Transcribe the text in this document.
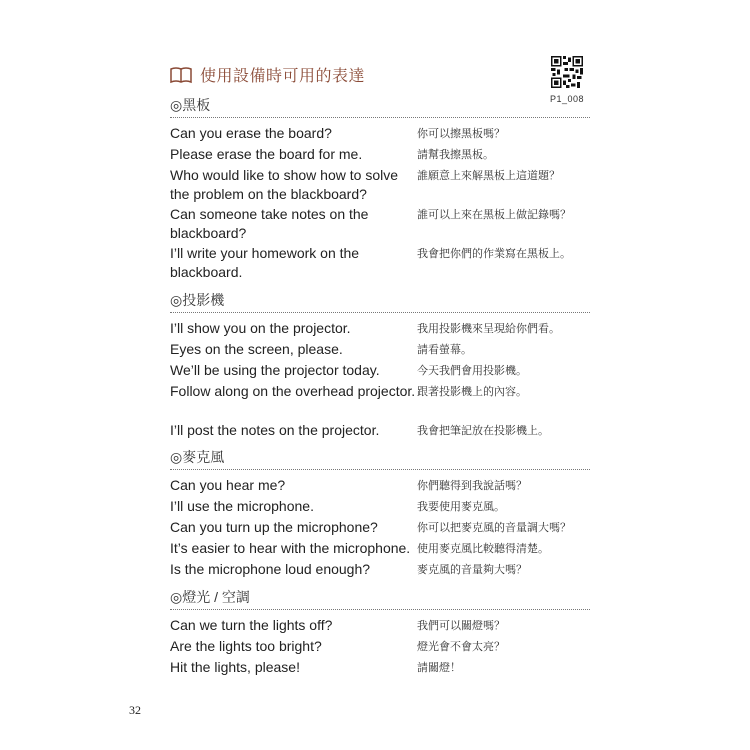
使用設備時可用的表達
P1_008
◎黑板
Can you erase the board?	你可以擦黑板嗎？
Please erase the board for me.	請幫我擦黑板。
Who would like to show how to solve the problem on the blackboard?
誰願意上來解黑板上這道題？
Can someone take notes on the blackboard?
誰可以上來在黑板上做記錄嗎？
I’ll write your homework on the blackboard.
我會把你們的作業寫在黑板上。
◎投影機
I’ll show you on the projector.	我用投影機來呈現給你們看。
Eyes on the screen, please.	請看螢幕。
We’ll be using the projector today.	今天我們會用投影機。
Follow along on the overhead projector. 跟著投影機上的內容。
I’ll post the notes on the projector.	我會把筆記放在投影機上。
◎麥克風
Can you hear me?	你們聽得到我說話嗎？
I’ll use the microphone.	我要使用麥克風。
Can you turn up the microphone?	你可以把麥克風的音量調大嗎？
It’s easier to hear with the microphone. 使用麥克風比較聽得清楚。
Is the microphone loud enough?	麥克風的音量夠大嗎？
◎燈光 / 空調
Can we turn the lights off?	我們可以關燈嗎？
Are the lights too bright?	燈光會不會太亮？
Hit the lights, please!	請關燈！
32
